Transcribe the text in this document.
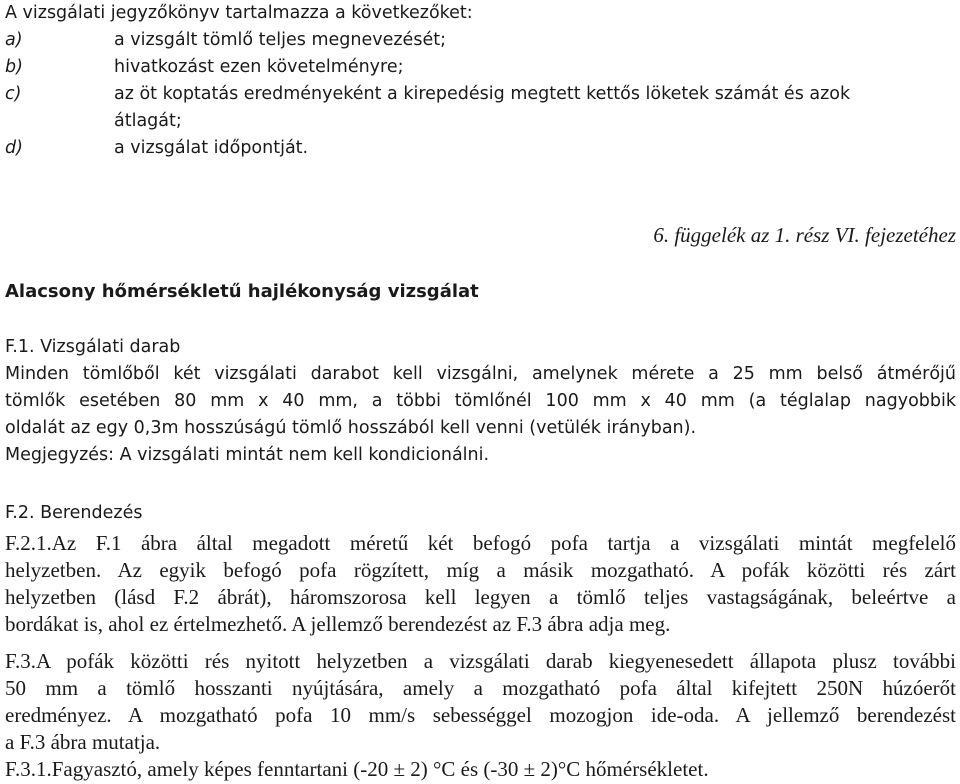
A vizsgálati jegyzőkönyv tartalmazza a következőket:
a)	a vizsgált tömlő teljes megnevezését;
b)	hivatkozást ezen követelményre;
c)	az öt koptatás eredményeként a kirepedésig megtett kettős löketek számát és azok
átlagát;
d)	a vizsgálat időpontját.
6. függelék az 1. rész VI. fejezetéhez
Alacsony hőmérsékletű hajlékonyság vizsgálat
F.1. Vizsgálati darab
Minden tömlőből két vizsgálati darabot kell vizsgálni, amelynek mérete a 25 mm belső átmérőjű
tömlők esetében 80 mm x 40 mm, a többi tömlőnél 100 mm x 40 mm (a téglalap nagyobbik
oldalát az egy 0,3m hosszúságú tömlő hosszából kell venni (vetülék irányban).
Megjegyzés: A vizsgálati mintát nem kell kondicionálni.
F.2. Berendezés
F.2.1.Az F.1 ábra által megadott méretű két befogó pofa tartja a vizsgálati mintát megfelelő
helyzetben. Az egyik befogó pofa rögzített, míg a másik mozgatható. A pofák közötti rés zárt
helyzetben (lásd F.2 ábrát), háromszorosa kell legyen a tömlő teljes vastagságának, beleértve a
bordákat is, ahol ez értelmezhető. A jellemző berendezést az F.3 ábra adja meg.
F.3.A pofák közötti rés nyitott helyzetben a vizsgálati darab kiegyenesedett állapota plusz további
50 mm a tömlő hosszanti nyújtására, amely a mozgatható pofa által kifejtett 250N húzóerőt
eredményez. A mozgatható pofa 10 mm/s sebességgel mozogjon ide-oda. A jellemző berendezést
a F.3 ábra mutatja.
F.3.1.Fagyasztó, amely képes fenntartani (-20 ± 2) °C és (-30 ± 2)°C hőmérsékletet.
